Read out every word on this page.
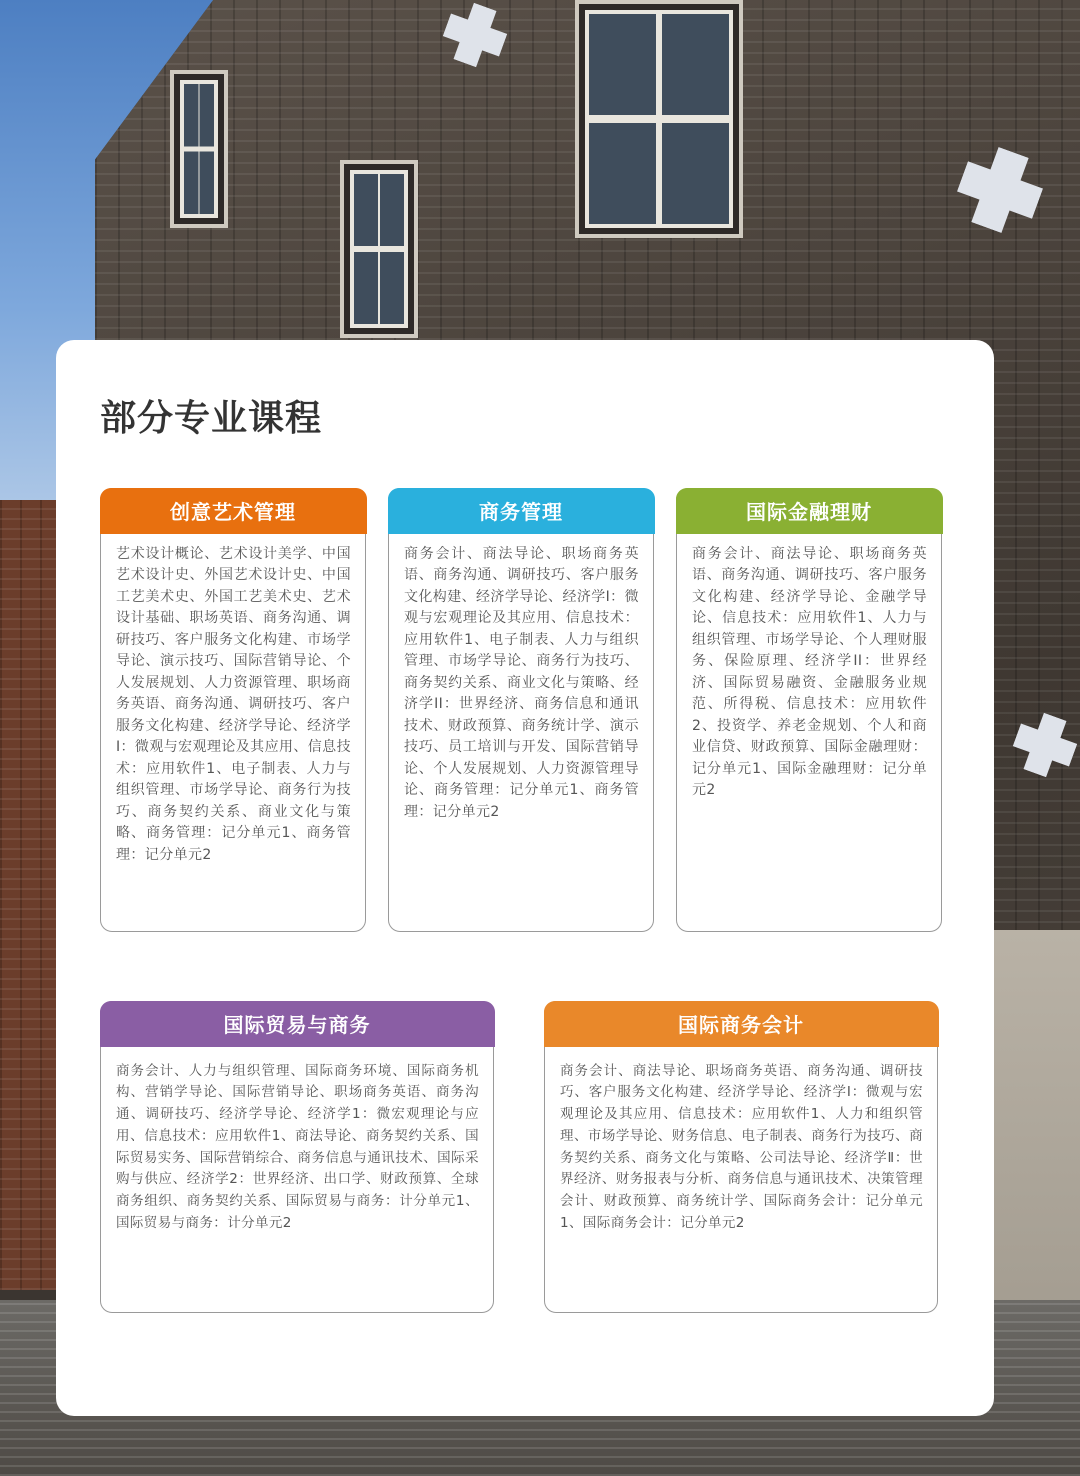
部分专业课程
创意艺术管理

艺术设计概论、艺术设计美学、中国艺术设计史、外国艺术设计史、中国工艺美术史、外国工艺美术史、艺术设计基础、职场英语、商务沟通、调研技巧、客户服务文化构建、市场学导论、演示技巧、国际营销导论、个人发展规划、人力资源管理、职场商务英语、商务沟通、调研技巧、客户服务文化构建、经济学导论、经济学I：微观与宏观理论及其应用、信息技术：应用软件1、电子制表、人力与组织管理、市场学导论、商务行为技巧、商务契约关系、商业文化与策略、商务管理：记分单元1、商务管理：记分单元2

商务管理

商务会计、商法导论、职场商务英语、商务沟通、调研技巧、客户服务文化构建、经济学导论、经济学I：微观与宏观理论及其应用、信息技术：应用软件1、电子制表、人力与组织管理、市场学导论、商务行为技巧、商务契约关系、商业文化与策略、经济学II：世界经济、商务信息和通讯技术、财政预算、商务统计学、演示技巧、员工培训与开发、国际营销导论、个人发展规划、人力资源管理导论、商务管理：记分单元1、商务管理：记分单元2

国际金融理财

商务会计、商法导论、职场商务英语、商务沟通、调研技巧、客户服务文化构建、经济学导论、金融学导论、信息技术：应用软件1、人力与组织管理、市场学导论、个人理财服务、保险原理、经济学II：世界经济、国际贸易融资、金融服务业规范、所得税、信息技术：应用软件2、投资学、养老金规划、个人和商业信贷、财政预算、国际金融理财：记分单元1、国际金融理财：记分单元2

国际贸易与商务

商务会计、人力与组织管理、国际商务环境、国际商务机构、营销学导论、国际营销导论、职场商务英语、商务沟通、调研技巧、经济学导论、经济学1：微宏观理论与应用、信息技术：应用软件1、商法导论、商务契约关系、国际贸易实务、国际营销综合、商务信息与通讯技术、国际采购与供应、经济学2：世界经济、出口学、财政预算、全球商务组织、商务契约关系、国际贸易与商务：计分单元1、国际贸易与商务：计分单元2

国际商务会计

商务会计、商法导论、职场商务英语、商务沟通、调研技巧、客户服务文化构建、经济学导论、经济学Ⅰ：微观与宏观理论及其应用、信息技术：应用软件1、人力和组织管理、市场学导论、财务信息、电子制表、商务行为技巧、商务契约关系、商务文化与策略、公司法导论、经济学Ⅱ：世界经济、财务报表与分析、商务信息与通讯技术、决策管理会计、财政预算、商务统计学、国际商务会计：记分单元1、国际商务会计：记分单元2
